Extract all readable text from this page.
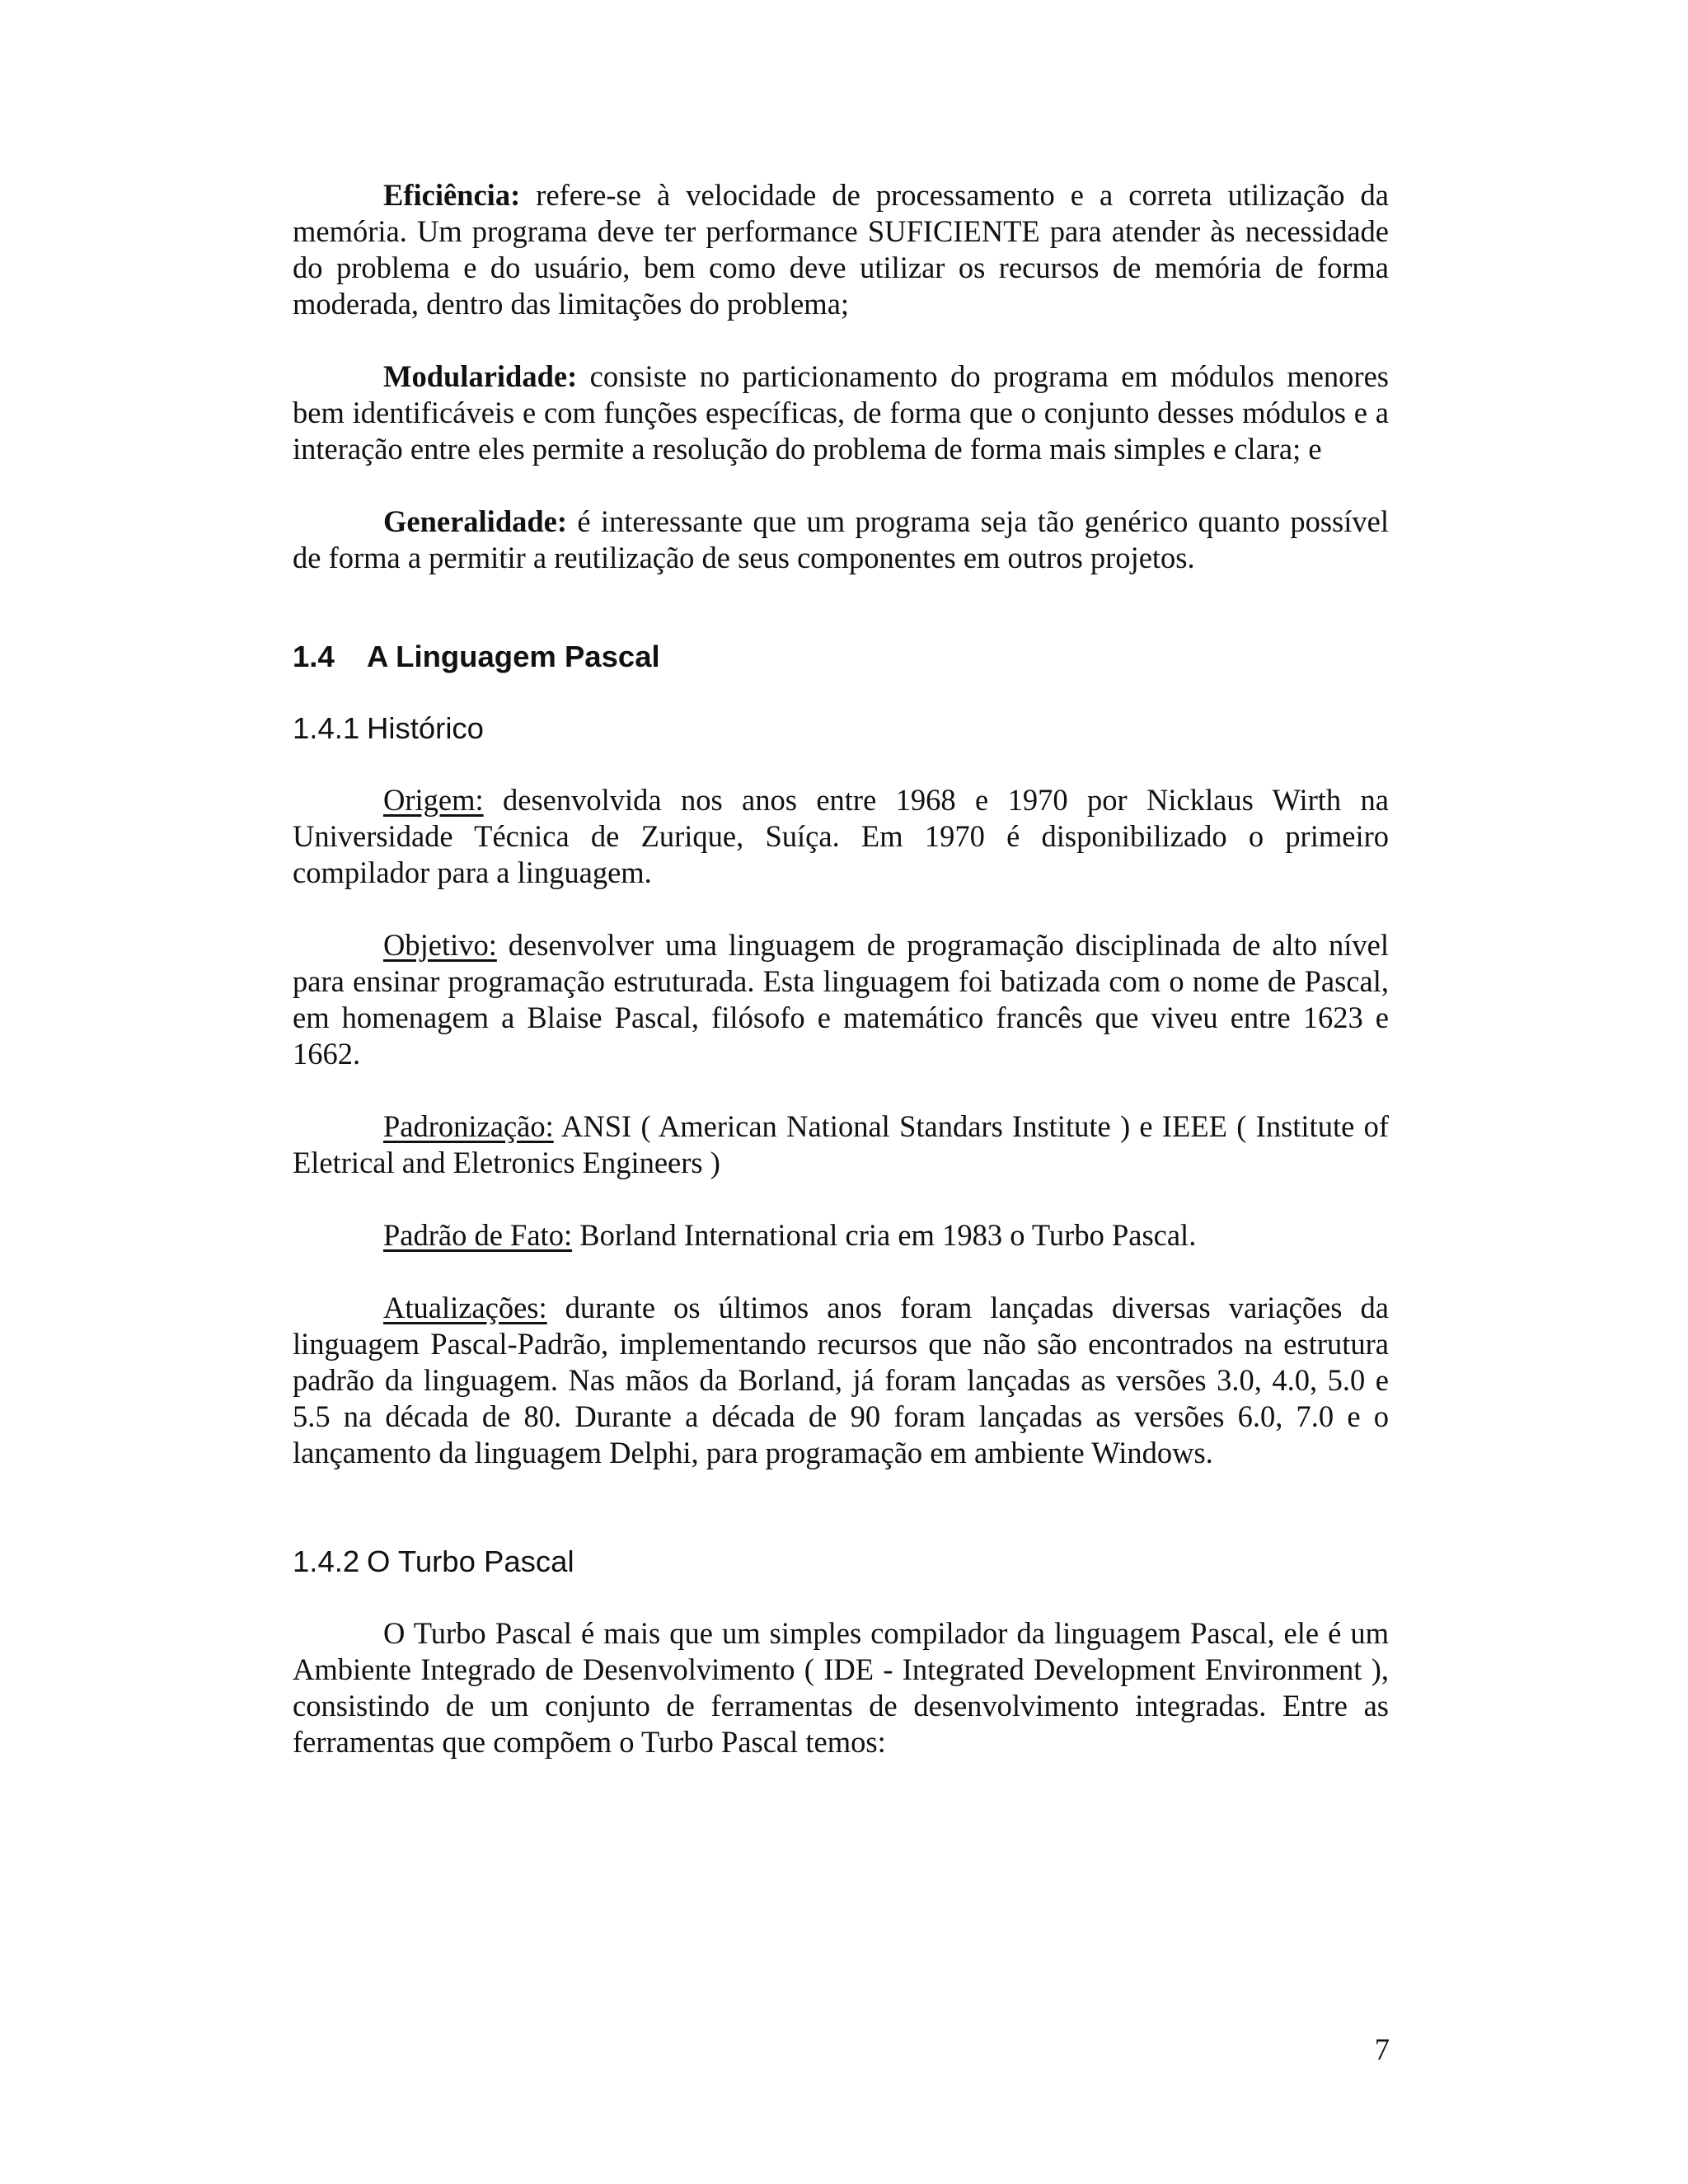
Eficiência: refere-se à velocidade de processamento e a correta utilização da memória. Um programa deve ter performance SUFICIENTE para atender às necessidade do problema e do usuário, bem como deve utilizar os recursos de memória de forma moderada, dentro das limitações do problema;

Modularidade: consiste no particionamento do programa em módulos menores bem identificáveis e com funções específicas, de forma que o conjunto desses módulos e a interação entre eles permite a resolução do problema de forma mais simples e clara; e

Generalidade: é interessante que um programa seja tão genérico quanto possível de forma a permitir a reutilização de seus componentes em outros projetos.

1.4 A Linguagem Pascal
1.4.1 Histórico

Origem: desenvolvida nos anos entre 1968 e 1970 por Nicklaus Wirth na Universidade Técnica de Zurique, Suíça. Em 1970 é disponibilizado o primeiro compilador para a linguagem.

Objetivo: desenvolver uma linguagem de programação disciplinada de alto nível para ensinar programação estruturada. Esta linguagem foi batizada com o nome de Pascal, em homenagem a Blaise Pascal, filósofo e matemático francês que viveu entre 1623 e 1662.

Padronização: ANSI ( American National Standars Institute ) e IEEE ( Institute of Eletrical and Eletronics Engineers )

Padrão de Fato: Borland International cria em 1983 o Turbo Pascal.

Atualizações: durante os últimos anos foram lançadas diversas variações da linguagem Pascal-Padrão, implementando recursos que não são encontrados na estrutura padrão da linguagem. Nas mãos da Borland, já foram lançadas as versões 3.0, 4.0, 5.0 e 5.5 na década de 80. Durante a década de 90 foram lançadas as versões 6.0, 7.0 e o lançamento da linguagem Delphi, para programação em ambiente Windows.

1.4.2 O Turbo Pascal

O Turbo Pascal é mais que um simples compilador da linguagem Pascal, ele é um Ambiente Integrado de Desenvolvimento ( IDE - Integrated Development Environment ), consistindo de um conjunto de ferramentas de desenvolvimento integradas. Entre as ferramentas que compõem o Turbo Pascal temos:

7
